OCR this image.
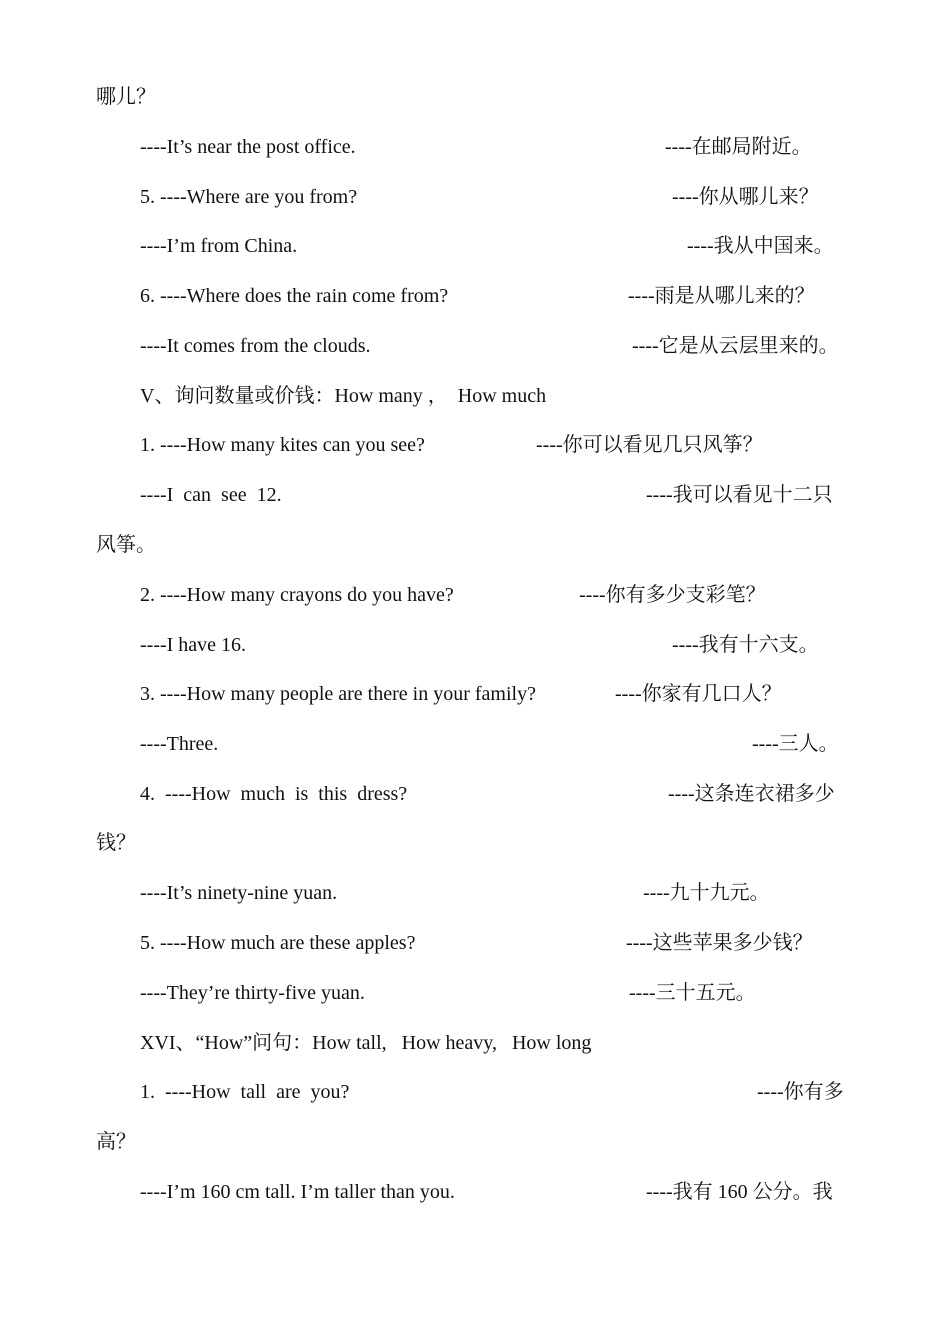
哪儿？
----It’s near the post office.	----在邮局附近。
5. ----Where are you from?	----你从哪儿来？
----I’m from China.	----我从中国来。
6. ----Where does the rain come from?	----雨是从哪儿来的？
----It comes from the clouds.	----它是从云层里来的。
V、询问数量或价钱：How many ，  How much
1. ----How many kites can you see?	----你可以看见几只风筝？
----I  can  see  12.	----我可以看见十二只
风筝。
2. ----How many crayons do you have?	----你有多少支彩笔？
----I have 16.	----我有十六支。
3. ----How many people are there in your family?	----你家有几口人？
----Three.	----三人。
4.  ----How  much  is  this  dress?	----这条连衣裙多少
钱？
----It’s ninety-nine yuan.	----九十九元。
5. ----How much are these apples?	----这些苹果多少钱？
----They’re thirty-five yuan.	----三十五元。
XVI、“How”问句：How tall,   How heavy,   How long
1.  ----How  tall  are  you?	----你有多
高？
----I’m 160 cm tall. I’m taller than you.	----我有 160 公分。我
